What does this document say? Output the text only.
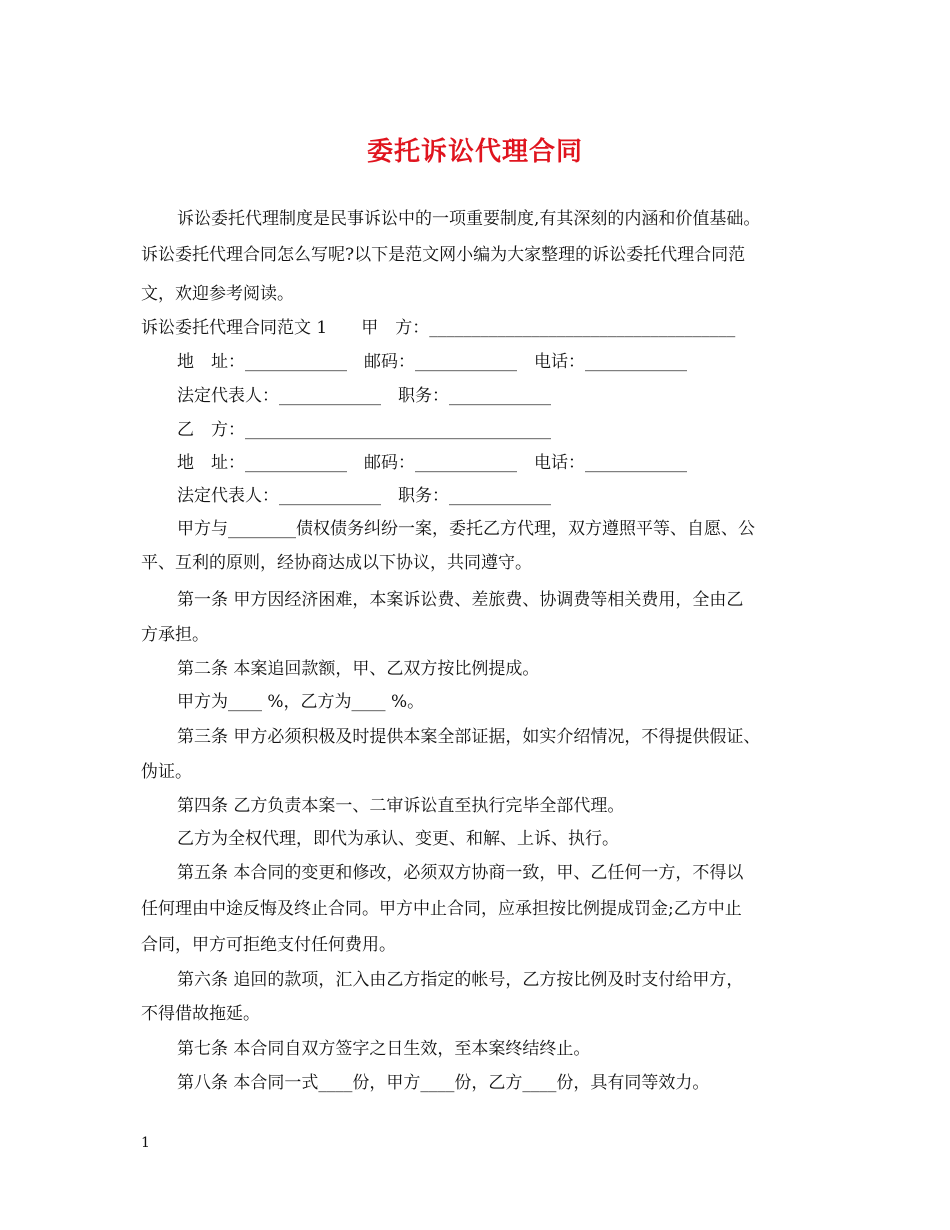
委托诉讼代理合同
诉讼委托代理制度是民事诉讼中的一项重要制度,有其深刻的内涵和价值基础。
诉讼委托代理合同怎么写呢?以下是范文网小编为大家整理的诉讼委托代理合同范
文，欢迎参考阅读。
诉讼委托代理合同范文 1　　甲　方：____________________________________
地　址：____________　邮码：____________　电话：____________
法定代表人：____________　职务：____________
乙　方：____________________________________
地　址：____________　邮码：____________　电话：____________
法定代表人：____________　职务：____________
甲方与________债权债务纠纷一案，委托乙方代理，双方遵照平等、自愿、公
平、互利的原则，经协商达成以下协议，共同遵守。
第一条 甲方因经济困难，本案诉讼费、差旅费、协调费等相关费用，全由乙
方承担。
第二条 本案追回款额，甲、乙双方按比例提成。
甲方为____ %，乙方为____ %。
第三条 甲方必须积极及时提供本案全部证据，如实介绍情况，不得提供假证、
伪证。
第四条 乙方负责本案一、二审诉讼直至执行完毕全部代理。
乙方为全权代理，即代为承认、变更、和解、上诉、执行。
第五条 本合同的变更和修改，必须双方协商一致，甲、乙任何一方，不得以
任何理由中途反悔及终止合同。甲方中止合同，应承担按比例提成罚金;乙方中止
合同，甲方可拒绝支付任何费用。
第六条 追回的款项，汇入由乙方指定的帐号，乙方按比例及时支付给甲方，
不得借故拖延。
第七条 本合同自双方签字之日生效，至本案终结终止。
第八条 本合同一式____份，甲方____份，乙方____份，具有同等效力。
1
